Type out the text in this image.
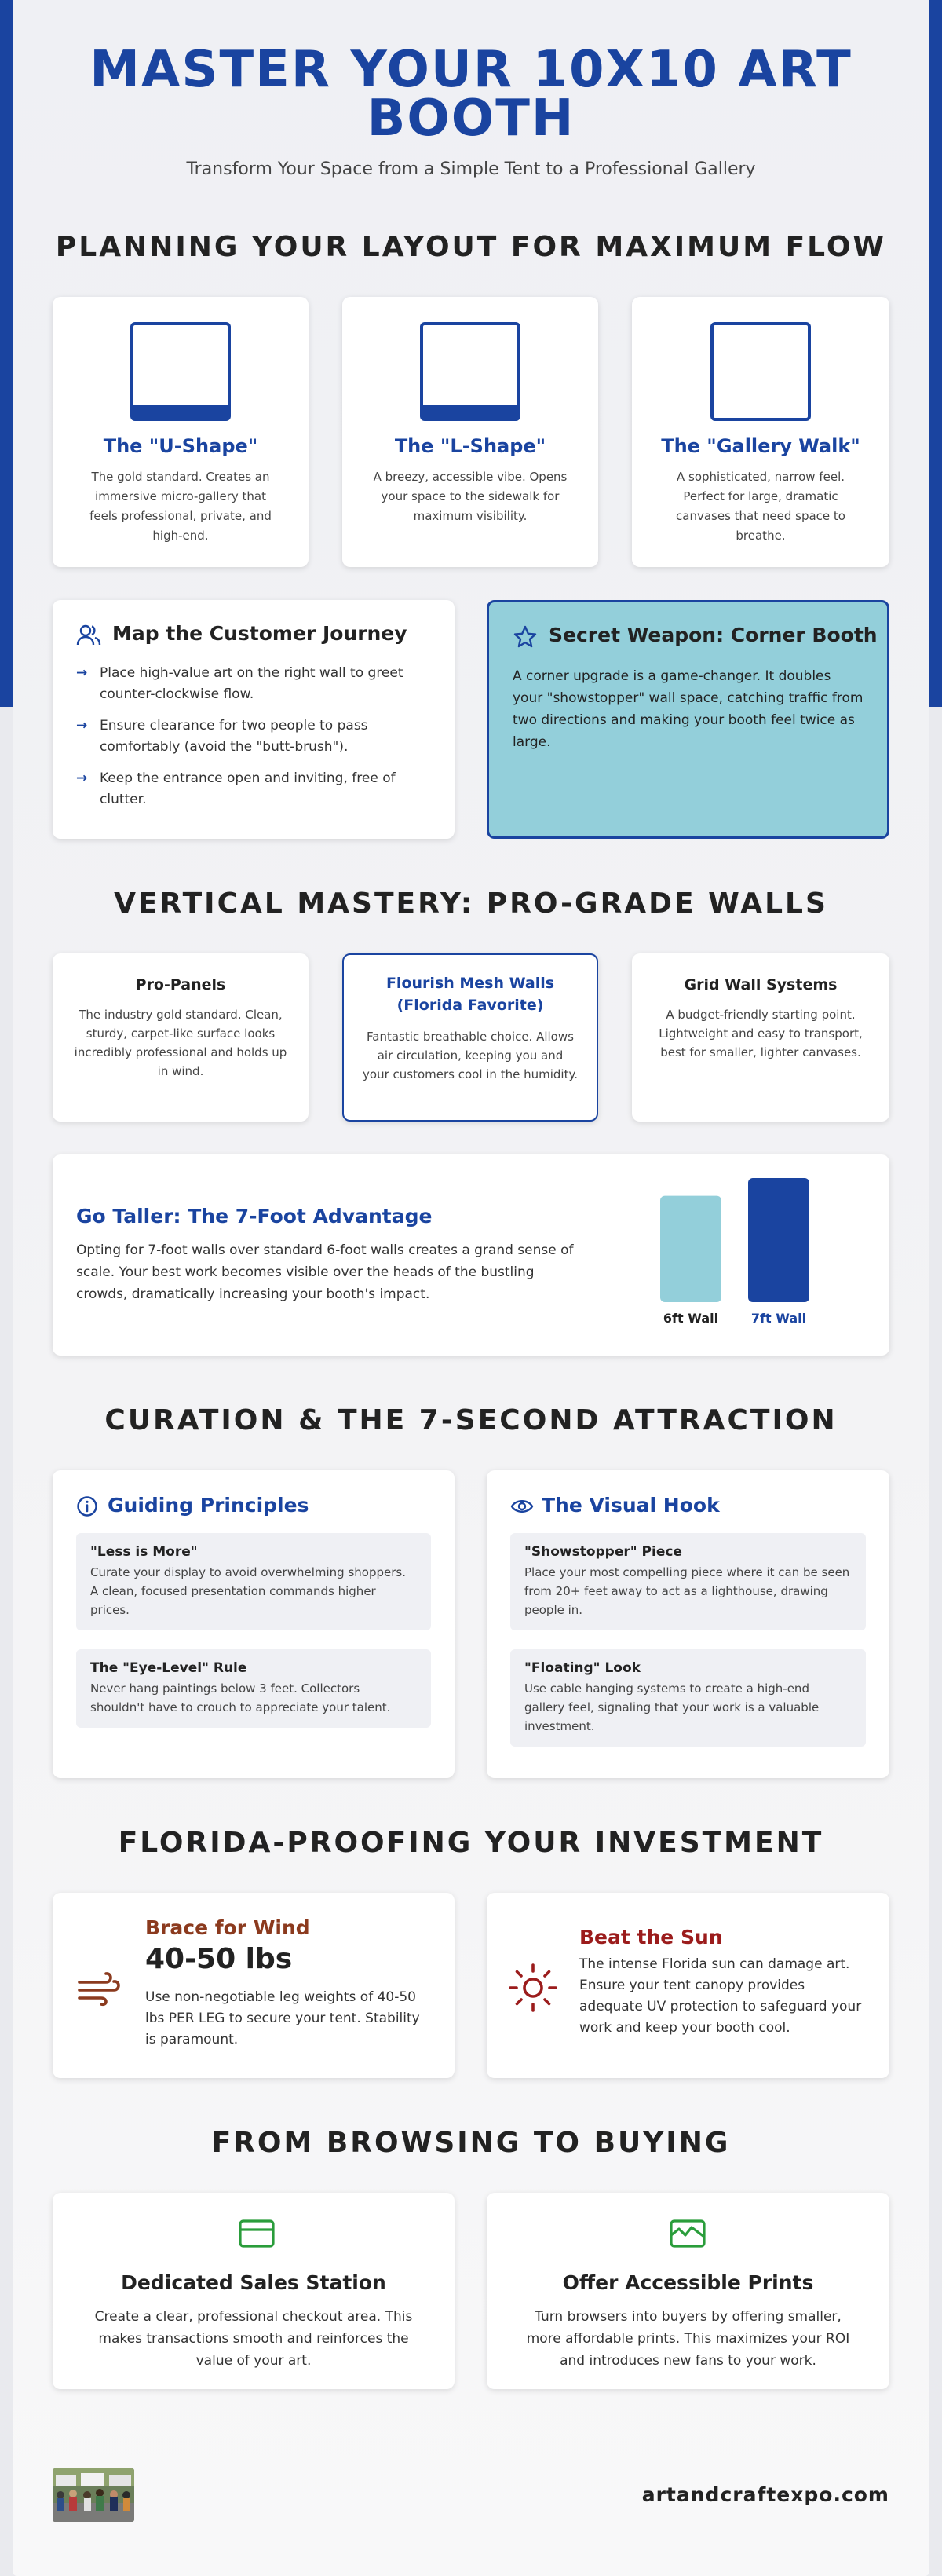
MASTER YOUR 10X10 ART
BOOTH
Transform Your Space from a Simple Tent to a Professional Gallery
PLANNING YOUR LAYOUT FOR MAXIMUM FLOW
The "U-Shape"

The gold standard. Creates an immersive micro-gallery that feels professional, private, and high-end.

The "L-Shape"

A breezy, accessible vibe. Opens your space to the sidewalk for maximum visibility.

The "Gallery Walk"

A sophisticated, narrow feel. Perfect for large, dramatic canvases that need space to breathe.

Map the Customer Journey
→ Place high-value art on the right wall to greet counter-clockwise flow.
→ Ensure clearance for two people to pass comfortably (avoid the "butt-brush").
→ Keep the entrance open and inviting, free of clutter.
Secret Weapon: Corner Booth

A corner upgrade is a game-changer. It doubles your "showstopper" wall space, catching traffic from two directions and making your booth feel twice as large.

VERTICAL MASTERY: PRO-GRADE WALLS
Pro-Panels

The industry gold standard. Clean, sturdy, carpet-like surface looks incredibly professional and holds up in wind.

Flourish Mesh Walls
(Florida Favorite)

Fantastic breathable choice. Allows air circulation, keeping you and your customers cool in the humidity.

Grid Wall Systems

A budget-friendly starting point. Lightweight and easy to transport, best for smaller, lighter canvases.

Go Taller: The 7-Foot Advantage

Opting for 7-foot walls over standard 6-foot walls creates a grand sense of scale. Your best work becomes visible over the heads of the bustling crowds, dramatically increasing your booth's impact.

6ft Wall	7ft Wall
CURATION & THE 7-SECOND ATTRACTION
Guiding Principles
"Less is More"

Curate your display to avoid overwhelming shoppers. A clean, focused presentation commands higher prices.

The "Eye-Level" Rule

Never hang paintings below 3 feet. Collectors shouldn't have to crouch to appreciate your talent.

The Visual Hook
"Showstopper" Piece

Place your most compelling piece where it can be seen from 20+ feet away to act as a lighthouse, drawing people in.

"Floating" Look

Use cable hanging systems to create a high-end gallery feel, signaling that your work is a valuable investment.

FLORIDA-PROOFING YOUR INVESTMENT
Brace for Wind
40-50 lbs

Use non-negotiable leg weights of 40-50 lbs PER LEG to secure your tent. Stability is paramount.

Beat the Sun

The intense Florida sun can damage art. Ensure your tent canopy provides adequate UV protection to safeguard your work and keep your booth cool.

FROM BROWSING TO BUYING
Dedicated Sales Station

Create a clear, professional checkout area. This makes transactions smooth and reinforces the value of your art.

Offer Accessible Prints

Turn browsers into buyers by offering smaller, more affordable prints. This maximizes your ROI and introduces new fans to your work.

artandcraftexpo.com
